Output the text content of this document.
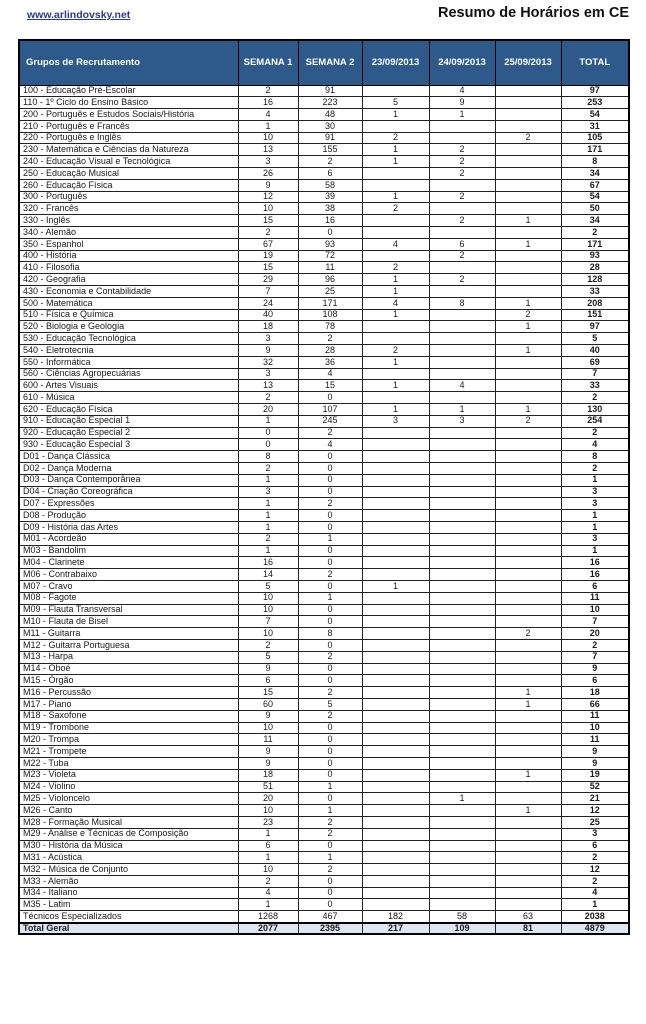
www.arlindovsky.net	Resumo de Horários em CE
Grupos de Recrutamento	SEMANA 1	SEMANA 2	23/09/2013	24/09/2013	25/09/2013	TOTAL
100 - Educação Pré-Escolar	2	91		4		97
110 - 1º Ciclo do Ensino Básico	16	223	5	9		253
200 - Português e Estudos Sociais/História	4	48	1	1		54
210 - Português e Francês	1	30				31
220 - Português e Inglês	10	91	2		2	105
230 - Matemática e Ciências da Natureza	13	155	1	2		171
240 - Educação Visual e Tecnológica	3	2	1	2		8
250 - Educação Musical	26	6		2		34
260 - Educação Física	9	58				67
300 - Português	12	39	1	2		54
320 - Francês	10	38	2			50
330 - Inglês	15	16		2	1	34
340 - Alemão	2	0				2
350 - Espanhol	67	93	4	6	1	171
400 - História	19	72		2		93
410 - Filosofia	15	11	2			28
420 - Geografia	29	96	1	2		128
430 - Economia e Contabilidade	7	25	1			33
500 - Matemática	24	171	4	8	1	208
510 - Física e Química	40	108	1		2	151
520 - Biologia e Geologia	18	78			1	97
530 - Educação Tecnológica	3	2				5
540 - Eletrotecnia	9	28	2		1	40
550 - Informática	32	36	1			69
560 - Ciências Agropecuárias	3	4				7
600 - Artes Visuais	13	15	1	4		33
610 - Música	2	0				2
620 - Educação Física	20	107	1	1	1	130
910 - Educação Especial 1	1	245	3	3	2	254
920 - Educação Especial 2	0	2				2
930 - Educação Especial 3	0	4				4
D01 - Dança Clássica	8	0				8
D02 - Dança Moderna	2	0				2
D03 - Dança Contemporânea	1	0				1
D04 - Criação Coreográfica	3	0				3
D07 - Expressões	1	2				3
D08 - Produção	1	0				1
D09 - História das Artes	1	0				1
M01 - Acordeão	2	1				3
M03 - Bandolim	1	0				1
M04 - Clarinete	16	0				16
M06 - Contrabaixo	14	2				16
M07 - Cravo	5	0	1			6
M08 - Fagote	10	1				11
M09 - Flauta Transversal	10	0				10
M10 - Flauta de Bisel	7	0				7
M11 - Guitarra	10	8			2	20
M12 - Guitarra Portuguesa	2	0				2
M13 - Harpa	5	2				7
M14 - Oboé	9	0				9
M15 - Órgão	6	0				6
M16 - Percussão	15	2			1	18
M17 - Piano	60	5			1	66
M18 - Saxofone	9	2				11
M19 - Trombone	10	0				10
M20 - Trompa	11	0				11
M21 - Trompete	9	0				9
M22 - Tuba	9	0				9
M23 - Violeta	18	0			1	19
M24 - Violino	51	1				52
M25 - Violoncelo	20	0		1		21
M26 - Canto	10	1			1	12
M28 - Formação Musical	23	2				25
M29 - Análise e Técnicas de Composição	1	2				3
M30 - História da Música	6	0				6
M31 - Acústica	1	1				2
M32 - Música de Conjunto	10	2				12
M33 - Alemão	2	0				2
M34 - Italiano	4	0				4
M35 - Latim	1	0				1
Técnicos Especializados	1268	467	182	58	63	2038
Total Geral	2077	2395	217	109	81	4879
